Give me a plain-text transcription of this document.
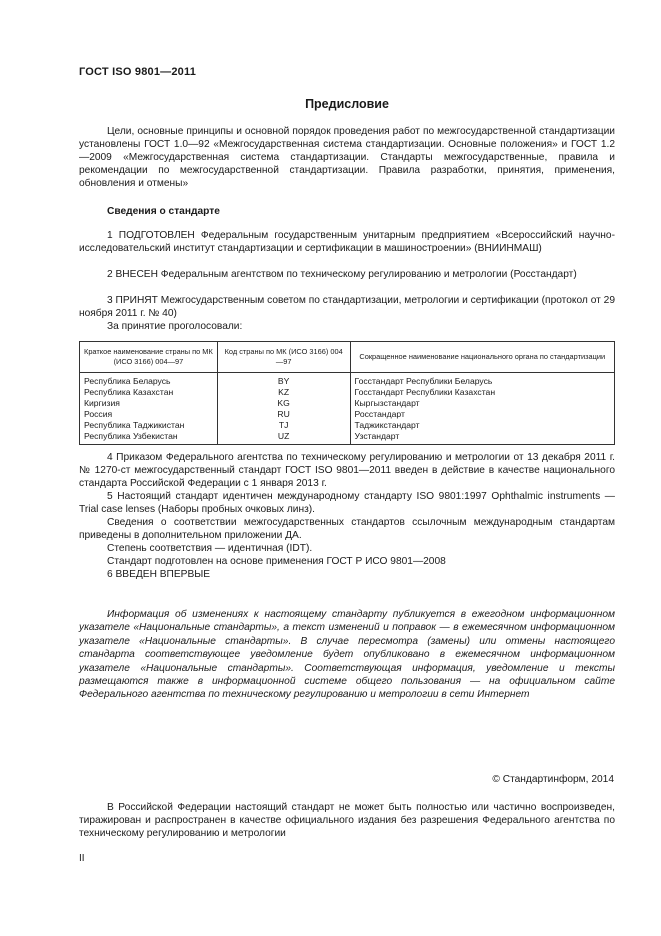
ГОСТ ISO 9801—2011
Предисловие
Цели, основные принципы и основной порядок проведения работ по межгосударственной стандартизации установлены ГОСТ 1.0—92 «Межгосударственная система стандартизации. Основные положения» и ГОСТ 1.2—2009 «Межгосударственная система стандартизации. Стандарты межгосударственные, правила и рекомендации по межгосударственной стандартизации. Правила разработки, принятия, применения, обновления и отмены»
Сведения о стандарте
1 ПОДГОТОВЛЕН Федеральным государственным унитарным предприятием «Всероссийский научно-исследовательский институт стандартизации и сертификации в машиностроении» (ВНИИНМАШ)
2 ВНЕСЕН Федеральным агентством по техническому регулированию и метрологии (Росстандарт)
3 ПРИНЯТ Межгосударственным советом по стандартизации, метрологии и сертификации (протокол от 29 ноября 2011 г. № 40)
За принятие проголосовали:
Краткое наименование страны по МК (ИСО 3166) 004—97	Код страны по МК (ИСО 3166) 004—97	Сокращенное наименование национального органа по стандартизации
Республика Беларусь	BY	Госстандарт Республики Беларусь
Республика Казахстан	KZ	Госстандарт Республики Казахстан
Киргизия	KG	Кыргызстандарт
Россия	RU	Росстандарт
Республика Таджикистан	TJ	Таджикстандарт
Республика Узбекистан	UZ	Узстандарт
4 Приказом Федерального агентства по техническому регулированию и метрологии от 13 декабря 2011 г. № 1270-ст межгосударственный стандарт ГОСТ ISO 9801—2011 введен в действие в качестве национального стандарта Российской Федерации с 1 января 2013 г.
5 Настоящий стандарт идентичен международному стандарту ISO 9801:1997 Ophthalmic instruments — Trial case lenses (Наборы пробных очковых линз).
Сведения о соответствии межгосударственных стандартов ссылочным международным стандартам приведены в дополнительном приложении ДА.
Степень соответствия — идентичная (IDT).
Стандарт подготовлен на основе применения ГОСТ Р ИСО 9801—2008
6 ВВЕДЕН ВПЕРВЫЕ
Информация об изменениях к настоящему стандарту публикуется в ежегодном информационном указателе «Национальные стандарты», а текст изменений и поправок — в ежемесячном информационном указателе «Национальные стандарты». В случае пересмотра (замены) или отмены настоящего стандарта соответствующее уведомление будет опубликовано в ежемесячном информационном указателе «Национальные стандарты». Соответствующая информация, уведомление и тексты размещаются также в информационной системе общего пользования — на официальном сайте Федерального агентства по техническому регулированию и метрологии в сети Интернет
© Стандартинформ, 2014
В Российской Федерации настоящий стандарт не может быть полностью или частично воспроизведен, тиражирован и распространен в качестве официального издания без разрешения Федерального агентства по техническому регулированию и метрологии
II
